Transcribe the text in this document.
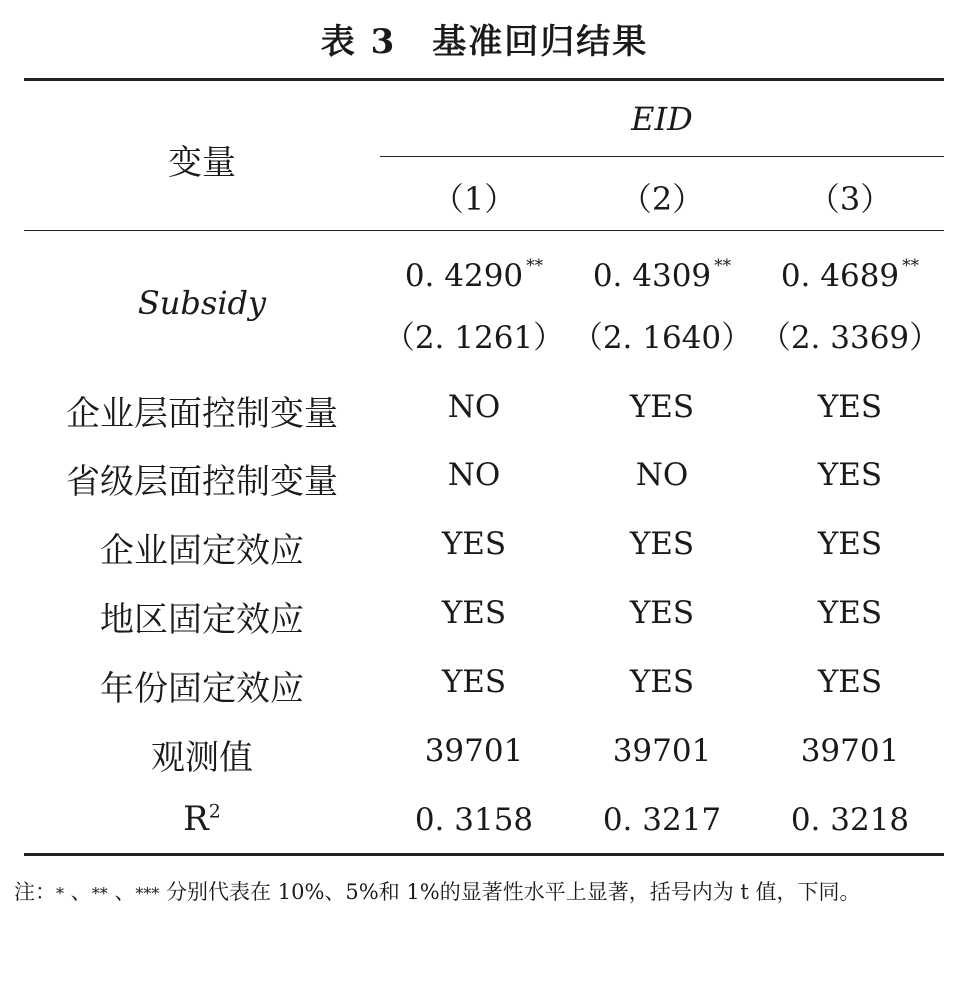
表 3　基准回归结果
变量
EID
（1）	（2）	（3）
Subsidy
0. 4290 **	0. 4309 **	0. 4689 **
（2. 1261） （2. 1640） （2. 3369）
企业层面控制变量	NO	YES	YES
省级层面控制变量	NO	NO	YES
企业固定效应	YES	YES	YES
地区固定效应	YES	YES	YES
年份固定效应	YES	YES	YES
观测值	39701	39701	39701
$R^2$	0. 3158	0. 3217	0. 3218
注：* 、** 、*** 分别代表在 10%、5%和 1%的显著性水平上显著，括号内为 t 值，下同。
